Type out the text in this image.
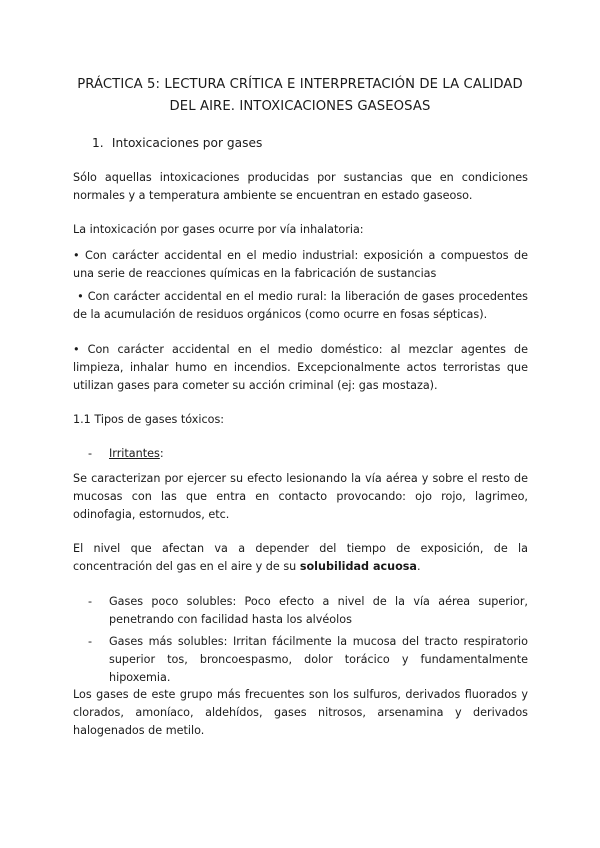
PRÁCTICA 5: LECTURA CRÍTICA E INTERPRETACIÓN DE LA CALIDAD
DEL AIRE. INTOXICACIONES GASEOSAS
1. Intoxicaciones por gases
Sólo aquellas intoxicaciones producidas por sustancias que en condiciones normales y a temperatura ambiente se encuentran en estado gaseoso.
La intoxicación por gases ocurre por vía inhalatoria:
• Con carácter accidental en el medio industrial: exposición a compuestos de una serie de reacciones químicas en la fabricación de sustancias
• Con carácter accidental en el medio rural: la liberación de gases procedentes de la acumulación de residuos orgánicos (como ocurre en fosas sépticas).
• Con carácter accidental en el medio doméstico: al mezclar agentes de limpieza, inhalar humo en incendios. Excepcionalmente actos terroristas que utilizan gases para cometer su acción criminal (ej: gas mostaza).
1.1 Tipos de gases tóxicos:
- Irritantes:
Se caracterizan por ejercer su efecto lesionando la vía aérea y sobre el resto de mucosas con las que entra en contacto provocando: ojo rojo, lagrimeo, odinofagia, estornudos, etc.
El nivel que afectan va a depender del tiempo de exposición, de la concentración del gas en el aire y de su solubilidad acuosa.
- Gases poco solubles: Poco efecto a nivel de la vía aérea superior, penetrando con facilidad hasta los alvéolos
- Gases más solubles: Irritan fácilmente la mucosa del tracto respiratorio superior tos, broncoespasmo, dolor torácico y fundamentalmente hipoxemia.
Los gases de este grupo más frecuentes son los sulfuros, derivados fluorados y clorados, amoníaco, aldehídos, gases nitrosos, arsenamina y derivados halogenados de metilo.
